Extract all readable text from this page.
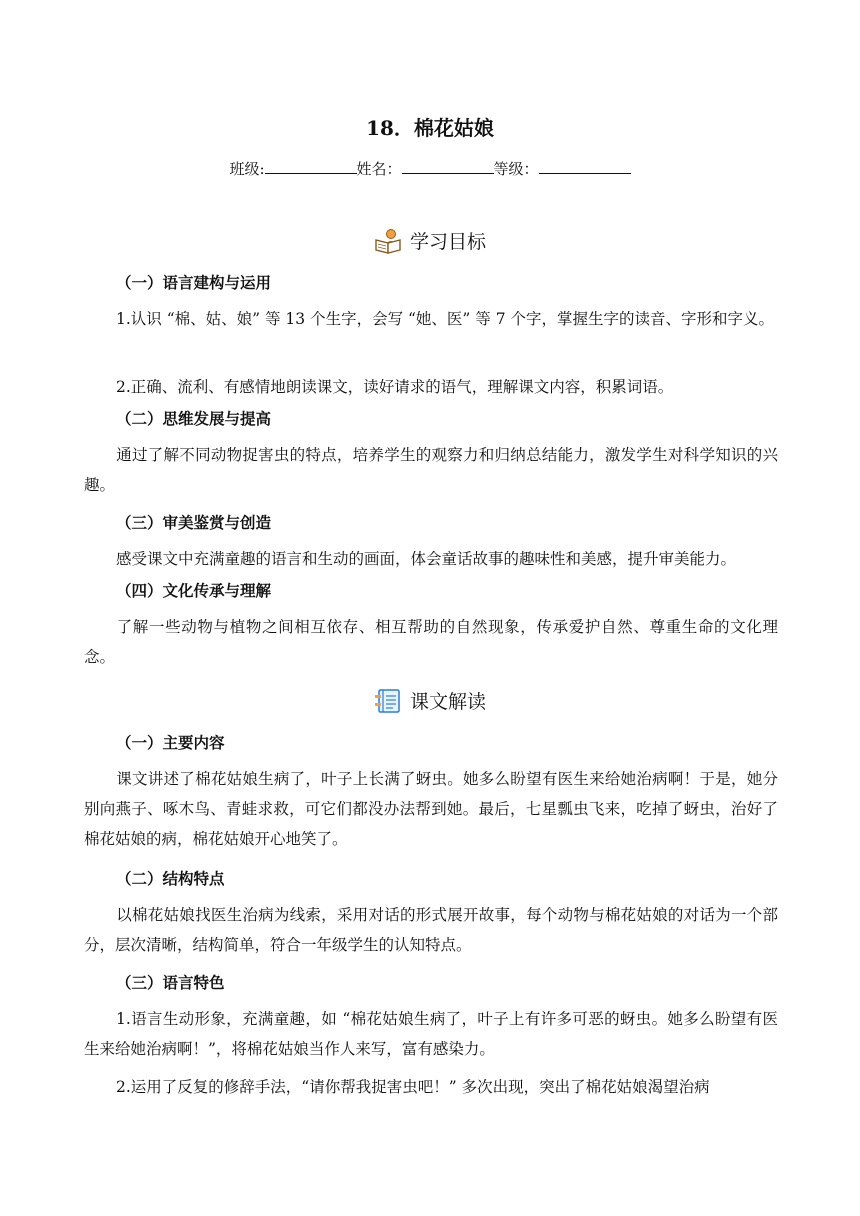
18．棉花姑娘
班级:	姓名：	等级：
学习目标
（一）语言建构与运用
1.认识 “棉、姑、娘” 等 13 个生字，会写 “她、医” 等 7 个字，掌握生字的读音、字形和字义。
2.正确、流利、有感情地朗读课文，读好请求的语气，理解课文内容，积累词语。
（二）思维发展与提高
通过了解不同动物捉害虫的特点，培养学生的观察力和归纳总结能力，激发学生对科学知识的兴趣。
（三）审美鉴赏与创造
感受课文中充满童趣的语言和生动的画面，体会童话故事的趣味性和美感，提升审美能力。
（四）文化传承与理解
了解一些动物与植物之间相互依存、相互帮助的自然现象，传承爱护自然、尊重生命的文化理念。
课文解读
（一）主要内容
课文讲述了棉花姑娘生病了，叶子上长满了蚜虫。她多么盼望有医生来给她治病啊！于是，她分别向燕子、啄木鸟、青蛙求救，可它们都没办法帮到她。最后，七星瓢虫飞来，吃掉了蚜虫，治好了棉花姑娘的病，棉花姑娘开心地笑了。
（二）结构特点
以棉花姑娘找医生治病为线索，采用对话的形式展开故事，每个动物与棉花姑娘的对话为一个部分，层次清晰，结构简单，符合一年级学生的认知特点。
（三）语言特色
1.语言生动形象，充满童趣，如 “棉花姑娘生病了，叶子上有许多可恶的蚜虫。她多么盼望有医生来给她治病啊！”，将棉花姑娘当作人来写，富有感染力。
2.运用了反复的修辞手法，“请你帮我捉害虫吧！” 多次出现，突出了棉花姑娘渴望治病
